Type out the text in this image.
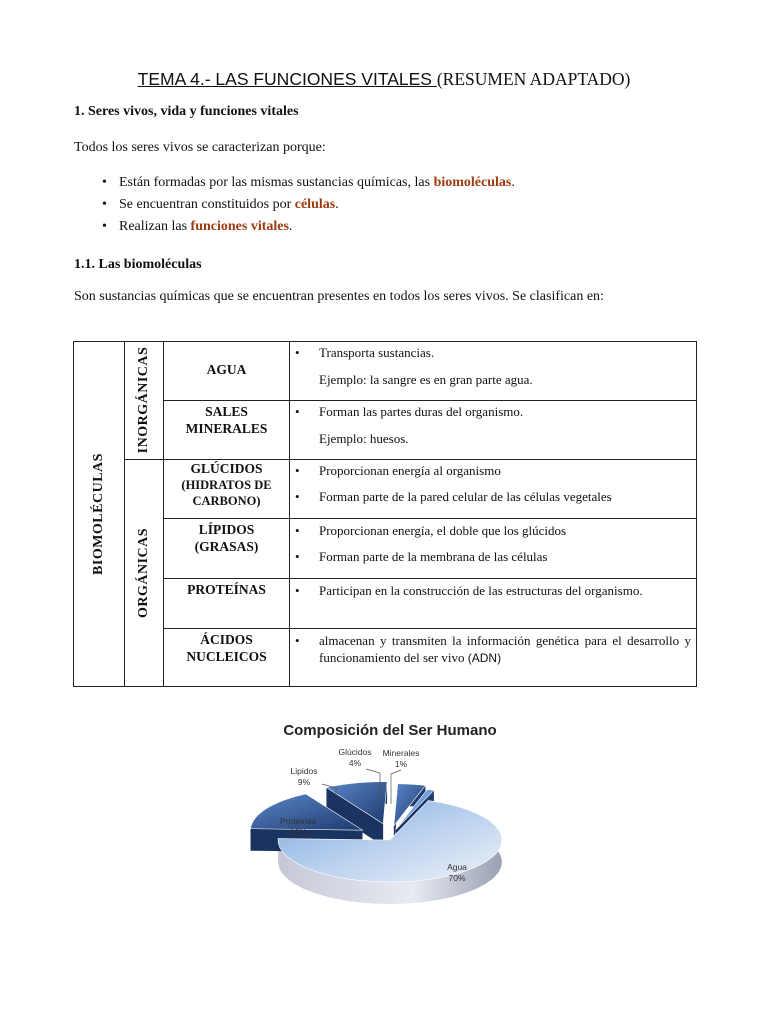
TEMA 4.- LAS FUNCIONES VITALES (RESUMEN ADAPTADO)
1. Seres vivos, vida y funciones vitales
Todos los seres vivos se caracterizan porque:
• Están formadas por las mismas sustancias químicas, las biomoléculas.
• Se encuentran constituidos por células.
• Realizan las funciones vitales.
1.1. Las biomoléculas
Son sustancias químicas que se encuentran presentes en todos los seres vivos. Se clasifican en:
BIOMOLÉCULAS
INORGÁNICAS
ORGÁNICAS
AGUA
• Transporta sustancias.
Ejemplo: la sangre es en gran parte agua.
SALES
MINERALES
• Forman las partes duras del organismo.
Ejemplo: huesos.
GLÚCIDOS
(HIDRATOS DE
CARBONO)
• Proporcionan energía al organismo
• Forman parte de la pared celular de las células vegetales
LÍPIDOS
(GRASAS)
• Proporcionan energía, el doble que los glúcidos
• Forman parte de la membrana de las células
PROTEÍNAS
•	Participan en la construcción de las estructuras del organismo.
ÁCIDOS
NUCLEICOS
• almacenan y transmiten la información genética para el desarrollo y funcionamiento del ser vivo (ADN)
Composición del Ser Humano
Agua
70%
Proteinas
16%
Lipidos
9%
Glúcidos
4%
Minerales
1%
